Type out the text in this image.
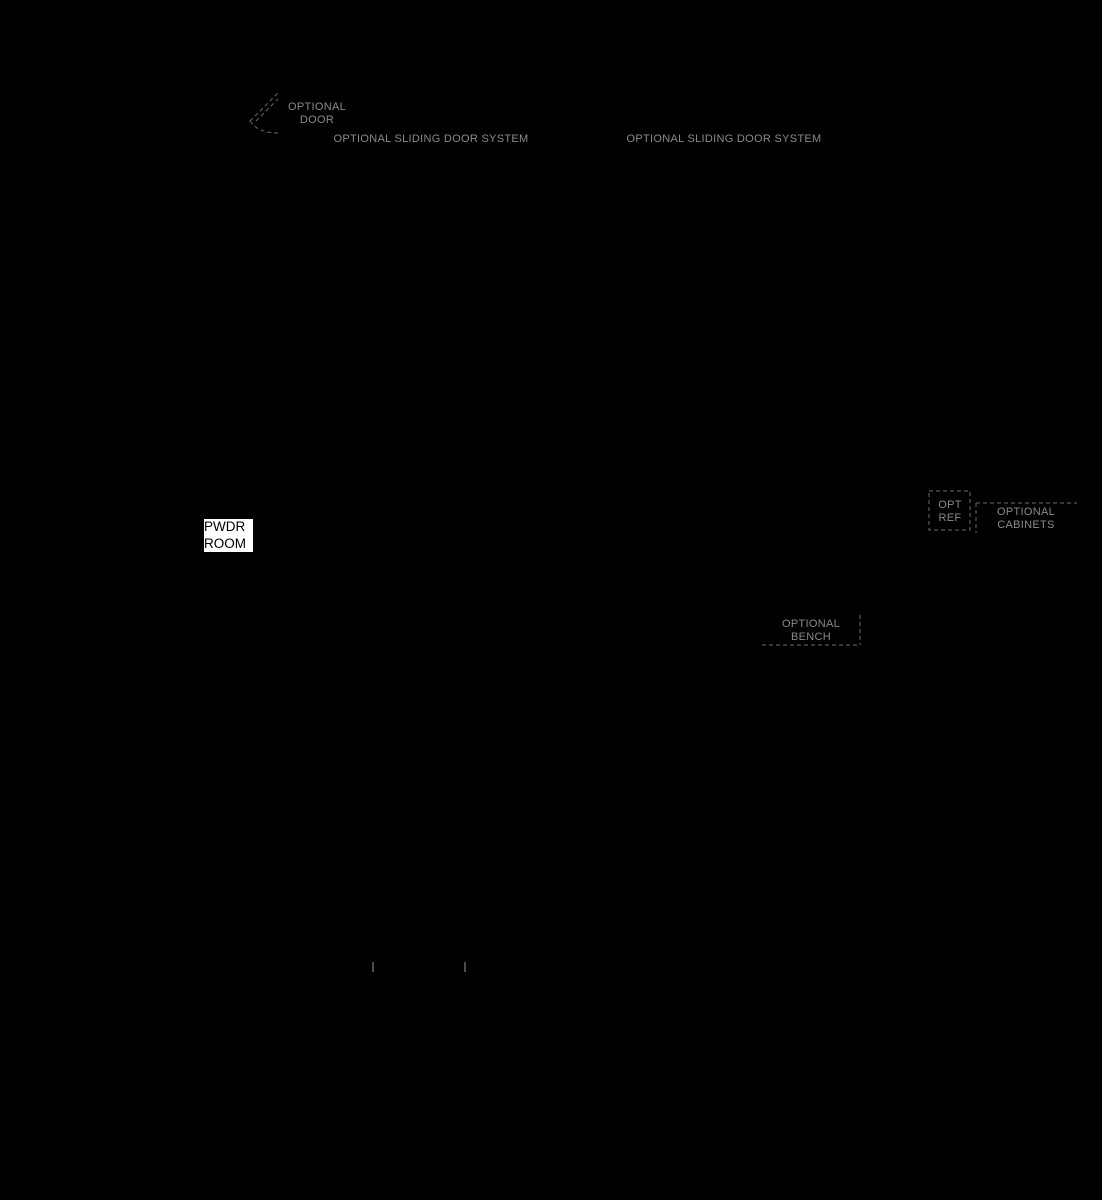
OPTIONAL
DOOR
OPTIONAL SLIDING DOOR SYSTEM	OPTIONAL SLIDING DOOR SYSTEM
OPT
REF	OPTIONAL
CABINETS
OPTIONAL
BENCH
PWDR
ROOM
